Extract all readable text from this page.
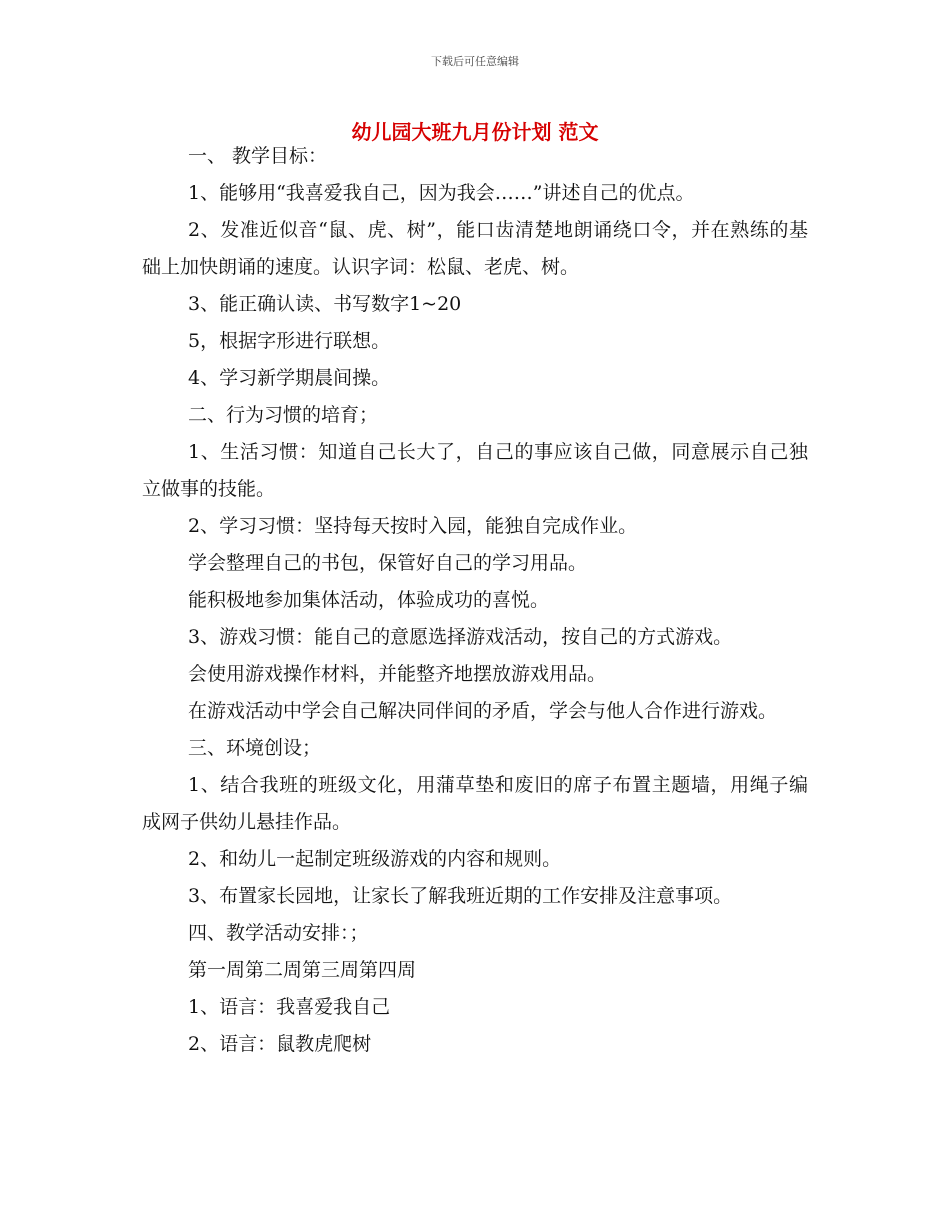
下载后可任意编辑
幼儿园大班九月份计划 范文

一、 教学目标：

1、能够用“我喜爱我自己，因为我会……”讲述自己的优点。

2、发准近似音“鼠、虎、树”，能口齿清楚地朗诵绕口令，并在熟练的基础上加快朗诵的速度。认识字词：松鼠、老虎、树。

3、能正确认读、书写数字1~20

5，根据字形进行联想。

4、学习新学期晨间操。

二、行为习惯的培育；

1、生活习惯：知道自己长大了，自己的事应该自己做，同意展示自己独立做事的技能。

2、学习习惯：坚持每天按时入园，能独自完成作业。

学会整理自己的书包，保管好自己的学习用品。

能积极地参加集体活动，体验成功的喜悦。

3、游戏习惯：能自己的意愿选择游戏活动，按自己的方式游戏。

会使用游戏操作材料，并能整齐地摆放游戏用品。

在游戏活动中学会自己解决同伴间的矛盾，学会与他人合作进行游戏。

三、环境创设；

1、结合我班的班级文化，用蒲草垫和废旧的席子布置主题墙，用绳子编成网子供幼儿悬挂作品。

2、和幼儿一起制定班级游戏的内容和规则。

3、布置家长园地，让家长了解我班近期的工作安排及注意事项。

四、教学活动安排：；

第一周第二周第三周第四周

1、语言：我喜爱我自己

2、语言：鼠教虎爬树
